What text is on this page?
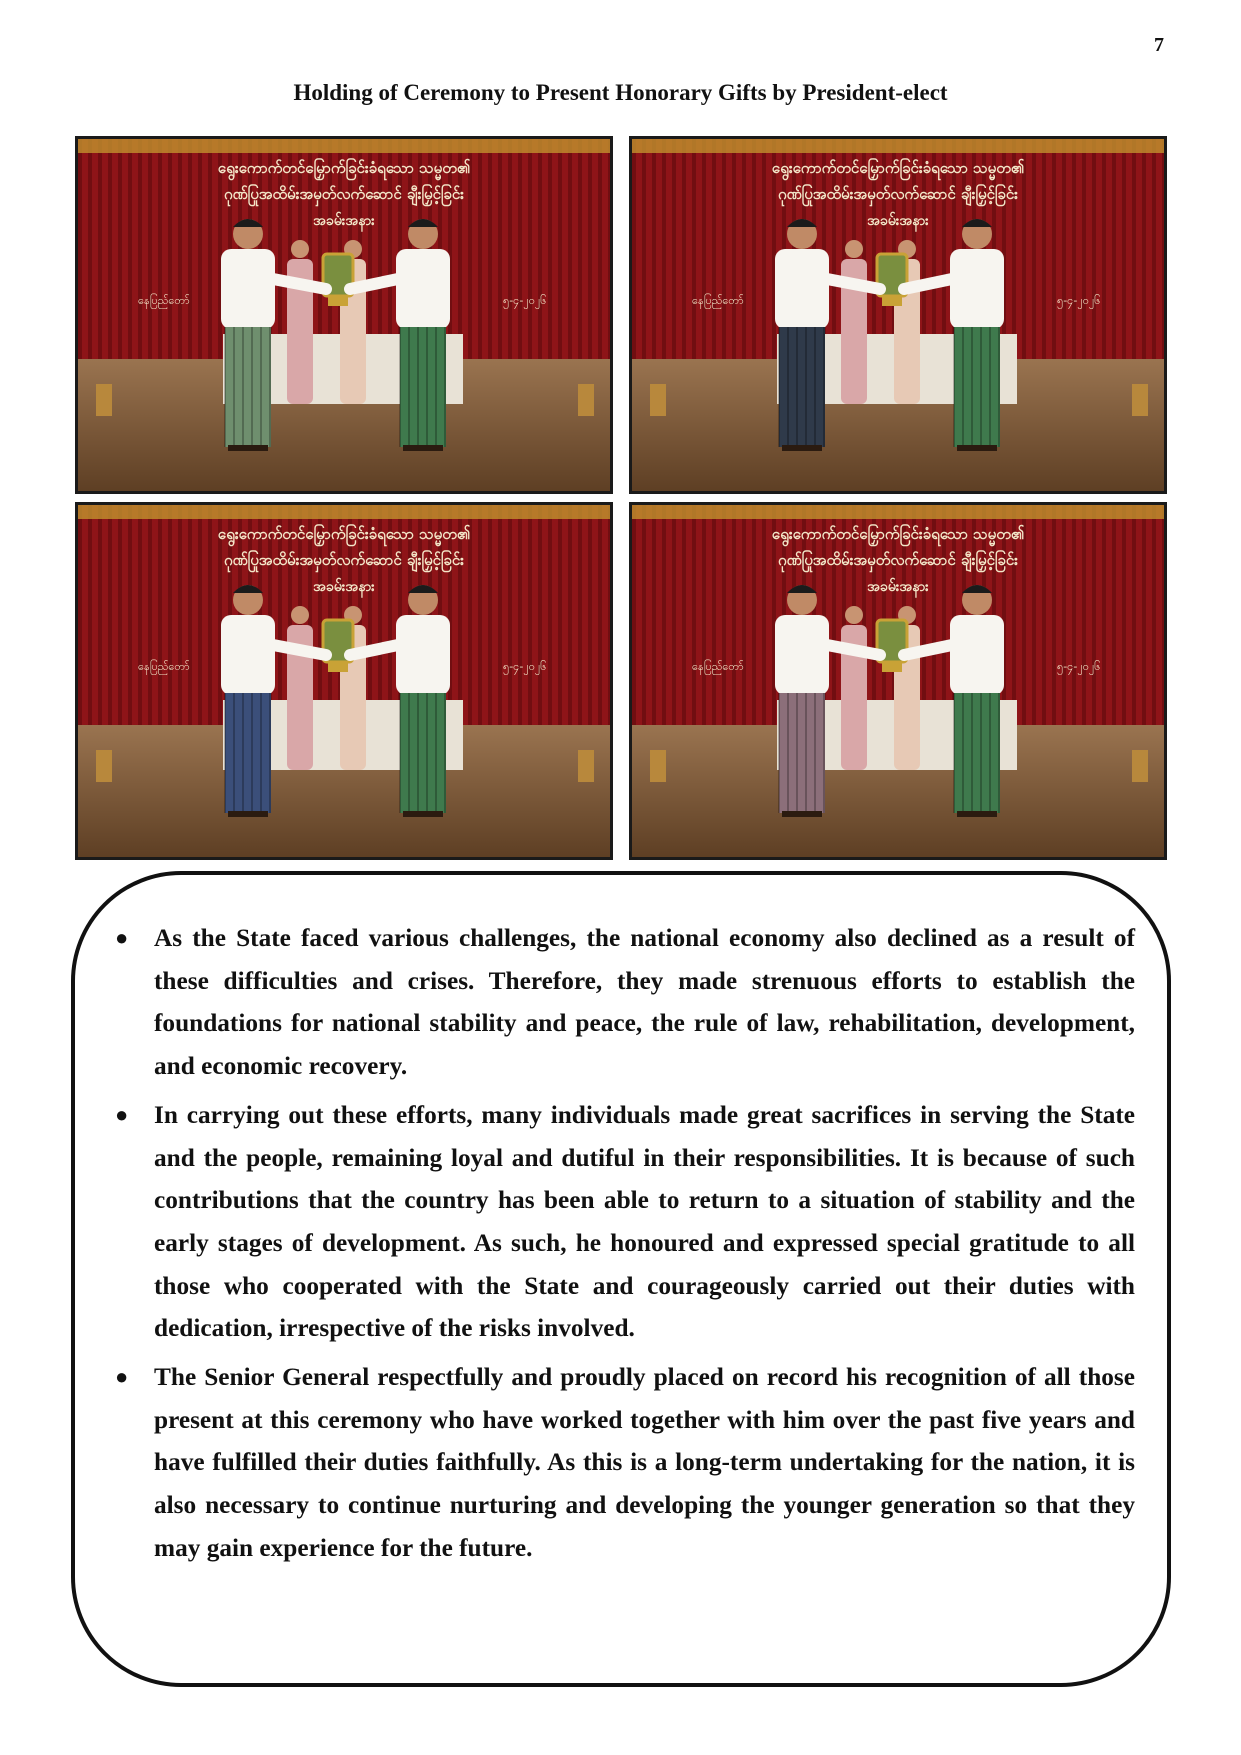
7
Holding of Ceremony to Present Honorary Gifts by President-elect
ရွေးကောက်တင်မြှောက်ခြင်းခံရသော သမ္မတ၏
ဂုဏ်ပြုအထိမ်းအမှတ်လက်ဆောင် ချီးမြှင့်ခြင်း
အခမ်းအနား
နေပြည်တော်	၅-၄-၂၀၂၆
ရွေးကောက်တင်မြှောက်ခြင်းခံရသော သမ္မတ၏
ဂုဏ်ပြုအထိမ်းအမှတ်လက်ဆောင် ချီးမြှင့်ခြင်း
အခမ်းအနား
နေပြည်တော်	၅-၄-၂၀၂၆
ရွေးကောက်တင်မြှောက်ခြင်းခံရသော သမ္မတ၏
ဂုဏ်ပြုအထိမ်းအမှတ်လက်ဆောင် ချီးမြှင့်ခြင်း
အခမ်းအနား
နေပြည်တော်	၅-၄-၂၀၂၆
ရွေးကောက်တင်မြှောက်ခြင်းခံရသော သမ္မတ၏
ဂုဏ်ပြုအထိမ်းအမှတ်လက်ဆောင် ချီးမြှင့်ခြင်း
အခမ်းအနား
နေပြည်တော်	၅-၄-၂၀၂၆
● As the State faced various challenges, the national economy also declined as a result of these difficulties and crises. Therefore, they made strenuous efforts to establish the foundations for national stability and peace, the rule of law, rehabilitation, development, and economic recovery.
● In carrying out these efforts, many individuals made great sacrifices in serving the State and the people, remaining loyal and dutiful in their responsibilities. It is because of such contributions that the country has been able to return to a situation of stability and the early stages of development. As such, he honoured and expressed special gratitude to all those who cooperated with the State and courageously carried out their duties with dedication, irrespective of the risks involved.
● The Senior General respectfully and proudly placed on record his recognition of all those present at this ceremony who have worked together with him over the past five years and have fulfilled their duties faithfully. As this is a long-term undertaking for the nation, it is also necessary to continue nurturing and developing the younger generation so that they may gain experience for the future.
